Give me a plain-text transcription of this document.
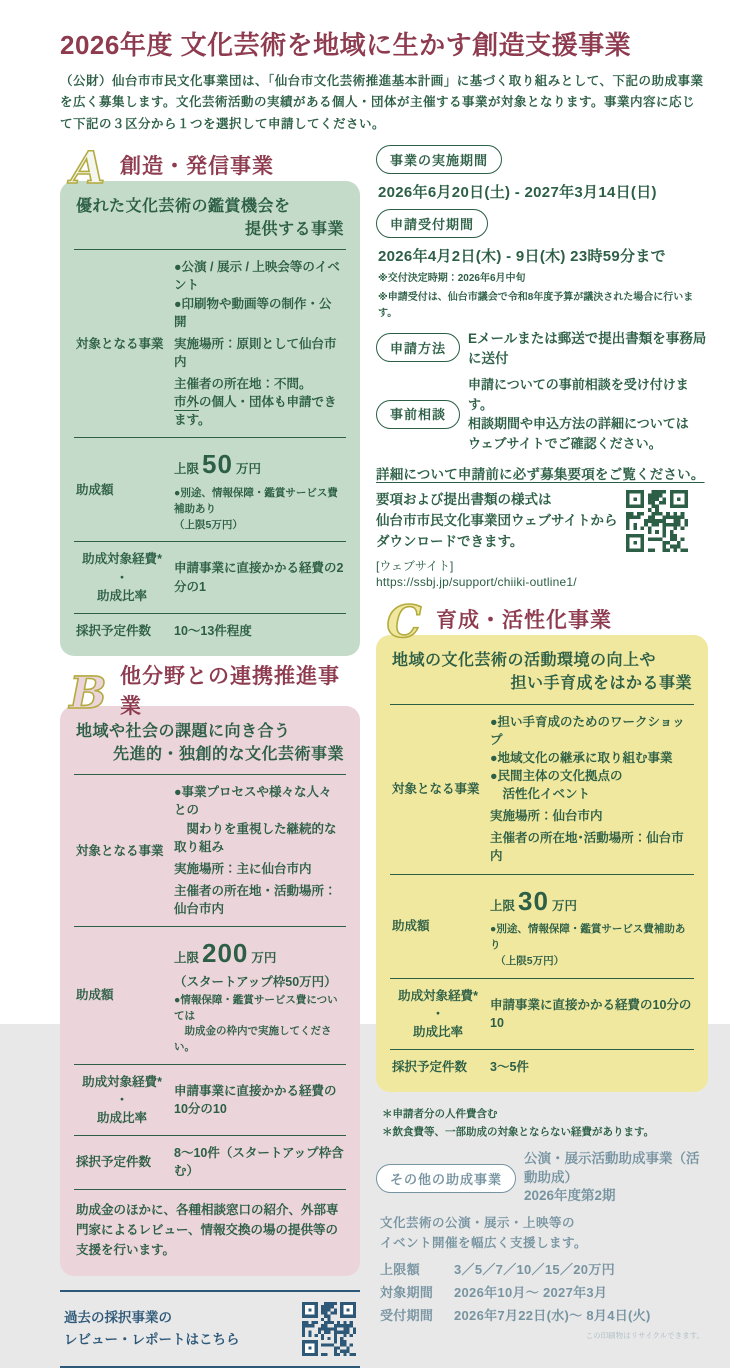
2026年度 文化芸術を地域に生かす創造支援事業

（公財）仙台市市民文化事業団は、「仙台市文化芸術推進基本計画」に基づく取り組みとして、下記の助成事業を広く募集します。文化芸術活動の実績がある個人・団体が主催する事業が対象となります。事業内容に応じて下記の３区分から１つを選択して申請してください。

A 創造・発信事業
優れた文化芸術の鑑賞機会を
提供する事業
対象となる事業
●公演 / 展示 / 上映会等のイベント
●印刷物や動画等の制作・公開
実施場所：原則として仙台市内
主催者の所在地：不問。
市外の個人・団体も申請できます。
助成額
上限 50 万円
●別途、情報保障・鑑賞サービス費補助あり
（上限5万円）
助成対象経費*
・
助成比率
申請事業に直接かかる経費の2分の1
採択予定件数	10～13件程度
B 他分野との連携推進事業
地域や社会の課題に向き合う
先進的・独創的な文化芸術事業
対象となる事業
●事業プロセスや様々な人々との
　関わりを重視した継続的な取り組み
実施場所：主に仙台市内
主催者の所在地・活動場所：仙台市内
助成額
上限 200 万円
（スタートアップ枠50万円）
●情報保障・鑑賞サービス費については
　助成金の枠内で実施してください。
助成対象経費*
・
助成比率
申請事業に直接かかる経費の10分の10
採択予定件数
8～10件（スタートアップ枠含む）
助成金のほかに、各種相談窓口の紹介、外部専門家によるレビュー、情報交換の場の提供等の支援を行います。
過去の採択事業の
レビュー・レポートはこちら
事業の実施期間
2026年6月20日(土) - 2027年3月14日(日)
申請受付期間
2026年4月2日(木) - 9日(木) 23時59分まで
※交付決定時期：2026年6月中旬
※申請受付は、仙台市議会で令和8年度予算が議決された場合に行います。
申請方法
Eメールまたは郵送で提出書類を事務局に送付
事前相談
申請についての事前相談を受け付けます。
相談期間や申込方法の詳細については
ウェブサイトでご確認ください。
詳細について申請前に必ず募集要項をご覧ください。
要項および提出書類の様式は
仙台市市民文化事業団ウェブサイトから
ダウンロードできます。
[ウェブサイト]
https://ssbj.jp/support/chiiki-outline1/
C 育成・活性化事業
地域の文化芸術の活動環境の向上や
担い手育成をはかる事業
対象となる事業
●担い手育成のためのワークショップ
●地域文化の継承に取り組む事業
●民間主体の文化拠点の
　活性化イベント
実施場所：仙台市内
主催者の所在地･活動場所：仙台市内
助成額
上限 30 万円
●別途、情報保障・鑑賞サービス費補助あり
　（上限5万円）
助成対象経費*
・
助成比率
申請事業に直接かかる経費の10分の10
採択予定件数	3～5件
＊申請者分の人件費含む
＊飲食費等、一部助成の対象とならない経費があります。
その他の助成事業
公演・展示活動助成事業（活動助成）
2026年度第2期
文化芸術の公演・展示・上映等の
イベント開催を幅広く支援します。
上限額	3／5／7／10／15／20万円
対象期間	2026年10月～ 2027年3月
受付期間	2026年7月22日(水)～ 8月4日(火)
この印刷物はリサイクルできます。
